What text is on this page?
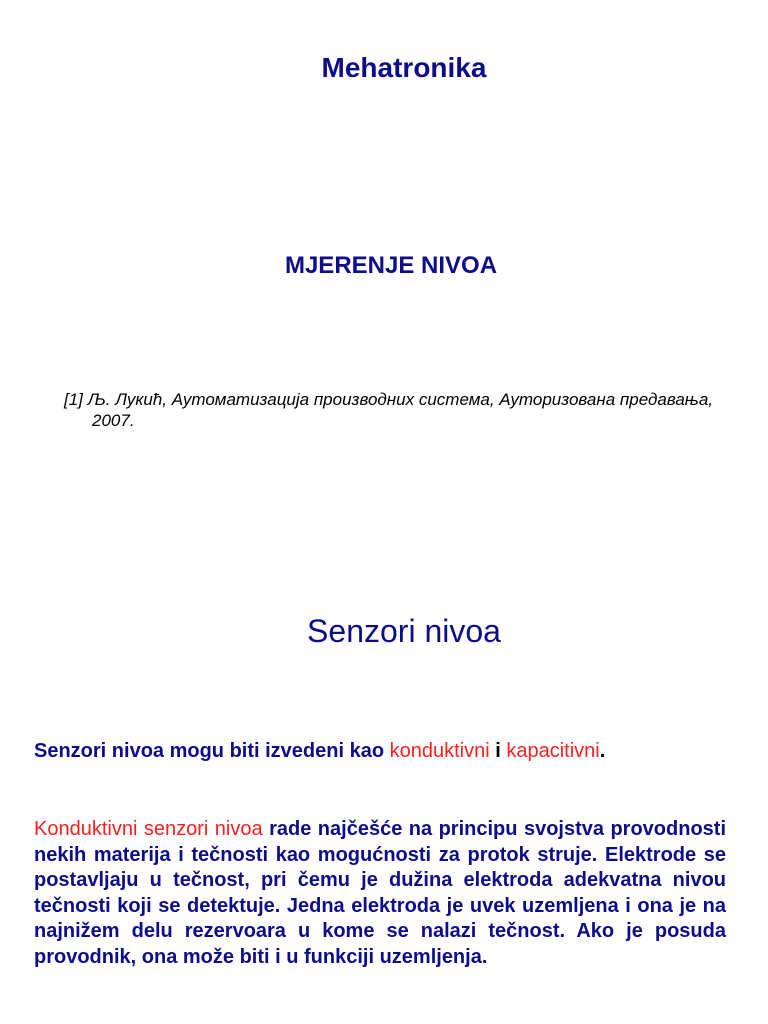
Mehatronika
MJERENJE NIVOA

[1] Љ. Лукић, Аутоматизација производних система, Ауторизована предавања, 2007.

Senzori nivoa

Senzori nivoa mogu biti izvedeni kao konduktivni i kapacitivni.

Konduktivni senzori nivoa rade najčešće na principu svojstva provodnosti nekih materija i tečnosti kao mogućnosti za protok struje. Elektrode se postavljaju u tečnost, pri čemu je dužina elektroda adekvatna nivou tečnosti koji se detektuje. Jedna elektroda je uvek uzemljena i ona je na najnižem delu rezervoara u kome se nalazi tečnost. Ako je posuda provodnik, ona može biti i u funkciji uzemljenja.
